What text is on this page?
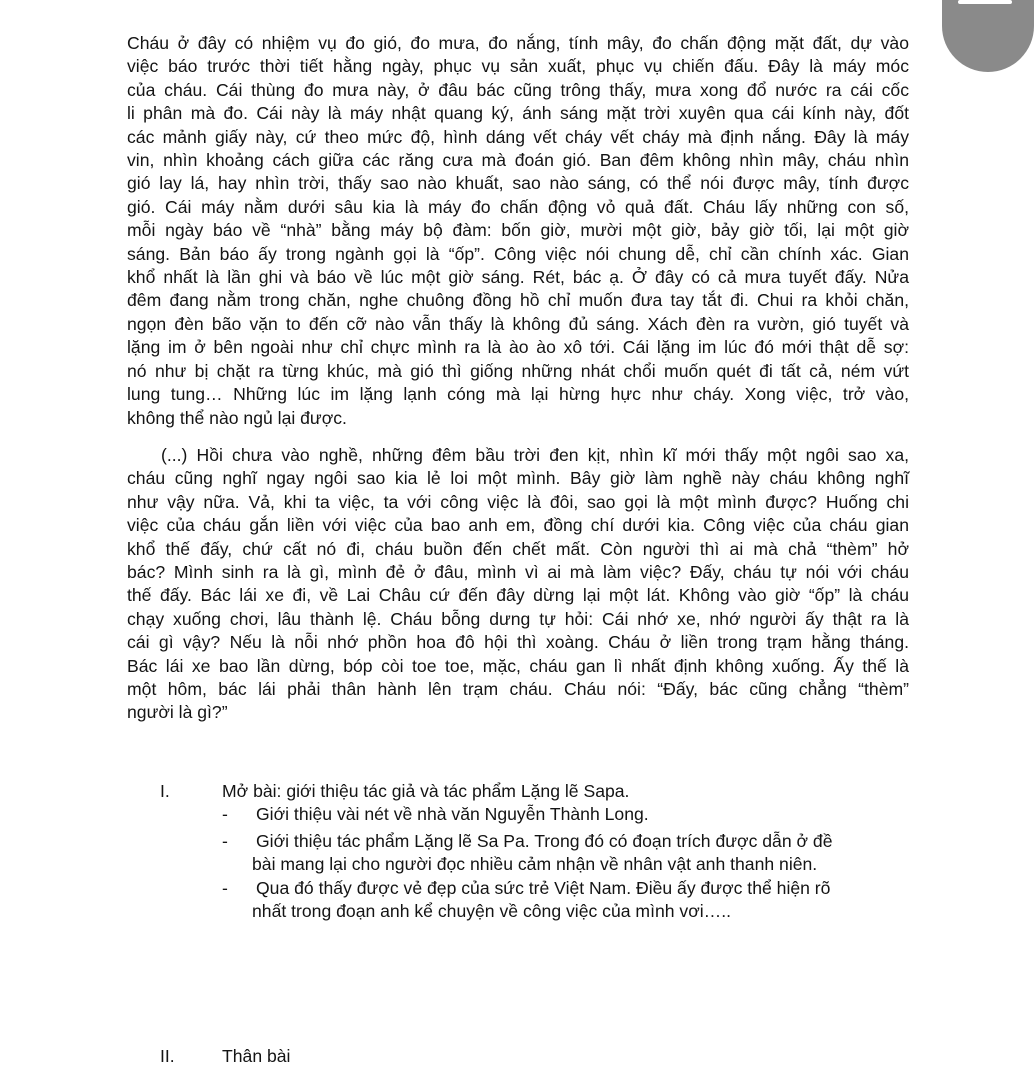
Cháu ở đây có nhiệm vụ đo gió, đo mưa, đo nắng, tính mây, đo chấn động mặt đất, dự vào
việc báo trước thời tiết hằng ngày, phục vụ sản xuất, phục vụ chiến đấu. Đây là máy móc
của cháu. Cái thùng đo mưa này, ở đâu bác cũng trông thấy, mưa xong đổ nước ra cái cốc
li phân mà đo. Cái này là máy nhật quang ký, ánh sáng mặt trời xuyên qua cái kính này, đốt
các mảnh giấy này, cứ theo mức độ, hình dáng vết cháy vết cháy mà định nắng. Đây là máy
vin, nhìn khoảng cách giữa các răng cưa mà đoán gió. Ban đêm không nhìn mây, cháu nhìn
gió lay lá, hay nhìn trời, thấy sao nào khuất, sao nào sáng, có thể nói được mây, tính được
gió. Cái máy nằm dưới sâu kia là máy đo chấn động vỏ quả đất. Cháu lấy những con số,
mỗi ngày báo về “nhà” bằng máy bộ đàm: bốn giờ, mười một giờ, bảy giờ tối, lại một giờ
sáng. Bản báo ấy trong ngành gọi là “ốp”. Công việc nói chung dễ, chỉ cần chính xác. Gian
khổ nhất là lần ghi và báo về lúc một giờ sáng. Rét, bác ạ. Ở đây có cả mưa tuyết đấy. Nửa
đêm đang nằm trong chăn, nghe chuông đồng hồ chỉ muốn đưa tay tắt đi. Chui ra khỏi chăn,
ngọn đèn bão vặn to đến cỡ nào vẫn thấy là không đủ sáng. Xách đèn ra vườn, gió tuyết và
lặng im ở bên ngoài như chỉ chực mình ra là ào ào xô tới. Cái lặng im lúc đó mới thật dễ sợ:
nó như bị chặt ra từng khúc, mà gió thì giống những nhát chổi muốn quét đi tất cả, ném vứt
lung tung… Những lúc im lặng lạnh cóng mà lại hừng hực như cháy. Xong việc, trở vào,
không thể nào ngủ lại được.
(...) Hồi chưa vào nghề, những đêm bầu trời đen kịt, nhìn kĩ mới thấy một ngôi sao xa,
cháu cũng nghĩ ngay ngôi sao kia lẻ loi một mình. Bây giờ làm nghề này cháu không nghĩ
như vậy nữa. Vả, khi ta việc, ta với công việc là đôi, sao gọi là một mình được? Huống chi
việc của cháu gắn liền với việc của bao anh em, đồng chí dưới kia. Công việc của cháu gian
khổ thế đấy, chứ cất nó đi, cháu buồn đến chết mất. Còn người thì ai mà chả “thèm” hở
bác? Mình sinh ra là gì, mình đẻ ở đâu, mình vì ai mà làm việc? Đấy, cháu tự nói với cháu
thế đấy. Bác lái xe đi, về Lai Châu cứ đến đây dừng lại một lát. Không vào giờ “ốp” là cháu
chạy xuống chơi, lâu thành lệ. Cháu bỗng dưng tự hỏi: Cái nhớ xe, nhớ người ấy thật ra là
cái gì vậy? Nếu là nỗi nhớ phồn hoa đô hội thì xoàng. Cháu ở liền trong trạm hằng tháng.
Bác lái xe bao lần dừng, bóp còi toe toe, mặc, cháu gan lì nhất định không xuống. Ấy thế là
một hôm, bác lái phải thân hành lên trạm cháu. Cháu nói: “Đấy, bác cũng chẳng “thèm”
người là gì?”
I.	Mở bài: giới thiệu tác giả và tác phẩm Lặng lẽ Sapa.
- Giới thiệu vài nét về nhà văn Nguyễn Thành Long.
- Giới thiệu tác phẩm Lặng lẽ Sa Pa. Trong đó có đoạn trích được dẫn ở đề
bài mang lại cho người đọc nhiều cảm nhận về nhân vật anh thanh niên.
- Qua đó thấy được vẻ đẹp của sức trẻ Việt Nam. Điều ấy được thể hiện rõ
nhất trong đoạn anh kể chuyện về công việc của mình vơi…..
II.	Thân bài
